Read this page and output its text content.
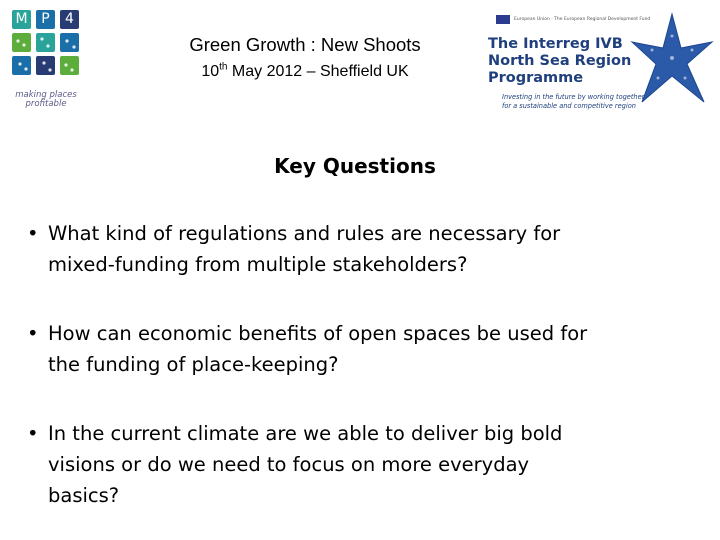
M P	4
making places
profitable
Green Growth : New Shoots
10th May 2012 – Sheffield UK
European Union · The European Regional Development Fund
The Interreg IVB
North Sea Region
Programme
Investing in the future by working together
for a sustainable and competitive region
Key Questions
• What kind of regulations and rules are necessary for
mixed-funding from multiple stakeholders?
• How can economic benefits of open spaces be used for
the funding of place-keeping?
• In the current climate are we able to deliver big bold
visions or do we need to focus on more everyday
basics?
